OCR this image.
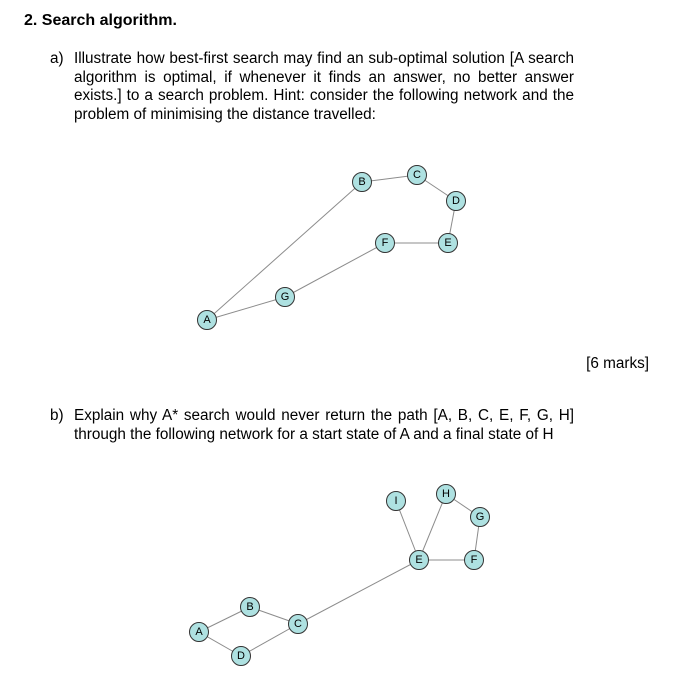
2. Search algorithm.
a) Illustrate how best-first search may find an sub-optimal solution [A search algorithm is optimal, if whenever it finds an answer, no better answer exists.] to a search problem. Hint: consider the following network and the problem of minimising the distance travelled:
B
C
D
E
F
G
A
I
H
G
E	F
B
C
A
D
[6 marks]
b) Explain why A* search would never return the path [A, B, C, E, F, G, H] through the following network for a start state of A and a final state of H
